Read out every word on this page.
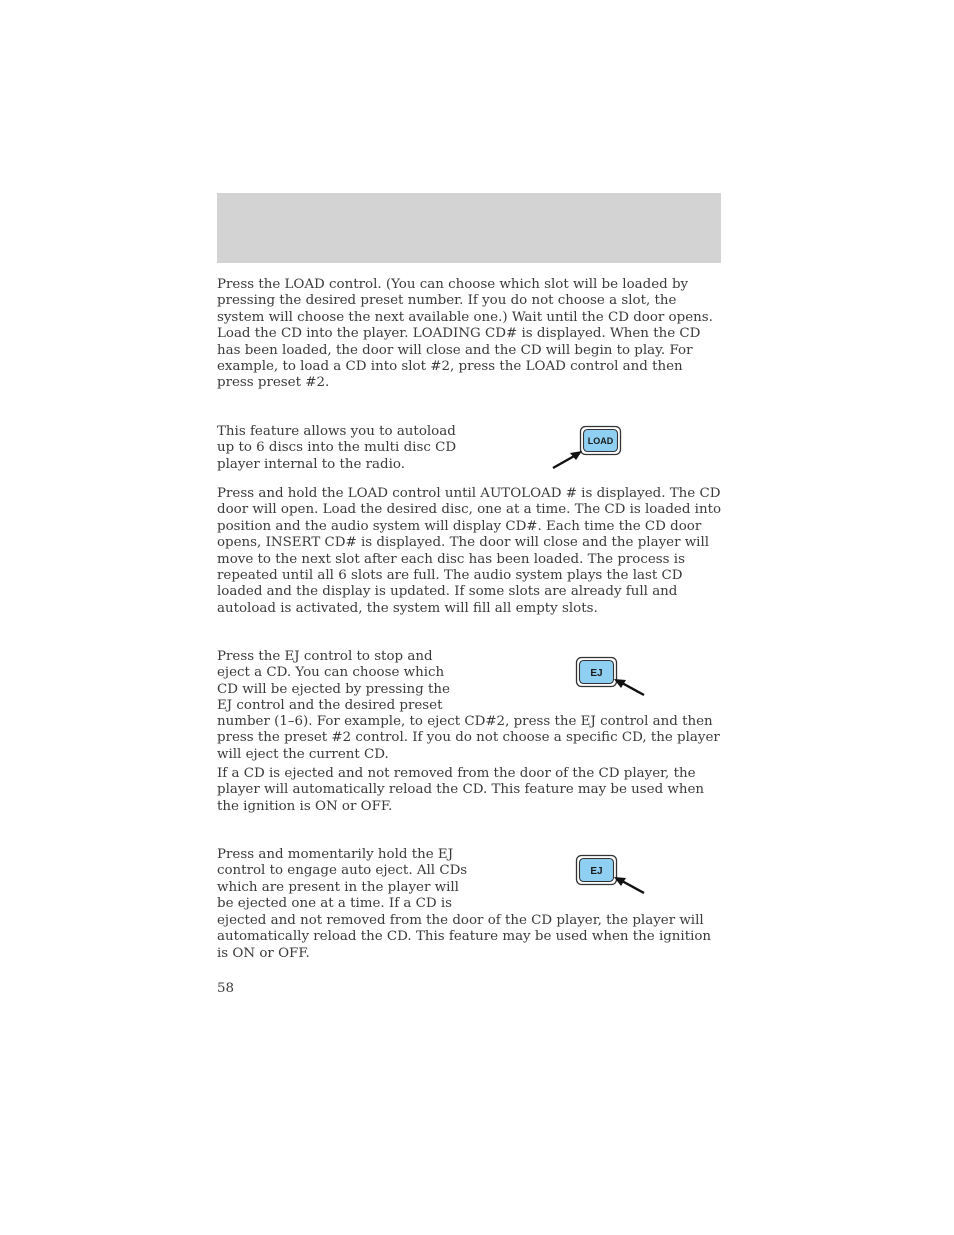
Press the LOAD control. (You can choose which slot will be loaded by pressing the desired preset number. If you do not choose a slot, the system will choose the next available one.) Wait until the CD door opens. Load the CD into the player. LOADING CD# is displayed. When the CD has been loaded, the door will close and the CD will begin to play. For example, to load a CD into slot #2, press the LOAD control and then press preset #2.

This feature allows you to autoload up to 6 discs into the multi disc CD player internal to the radio.

LOAD

Press and hold the LOAD control until AUTOLOAD # is displayed. The CD door will open. Load the desired disc, one at a time. The CD is loaded into position and the audio system will display CD#. Each time the CD door opens, INSERT CD# is displayed. The door will close and the player will move to the next slot after each disc has been loaded. The process is repeated until all 6 slots are full. The audio system plays the last CD loaded and the display is updated. If some slots are already full and autoload is activated, the system will fill all empty slots.

Press the EJ control to stop and eject a CD. You can choose which CD will be ejected by pressing the EJ control and the desired preset

EJ

number (1–6). For example, to eject CD#2, press the EJ control and then press the preset #2 control. If you do not choose a specific CD, the player will eject the current CD.

If a CD is ejected and not removed from the door of the CD player, the player will automatically reload the CD. This feature may be used when the ignition is ON or OFF.

Press and momentarily hold the EJ control to engage auto eject. All CDs which are present in the player will be ejected one at a time. If a CD is

EJ

ejected and not removed from the door of the CD player, the player will automatically reload the CD. This feature may be used when the ignition is ON or OFF.

58
